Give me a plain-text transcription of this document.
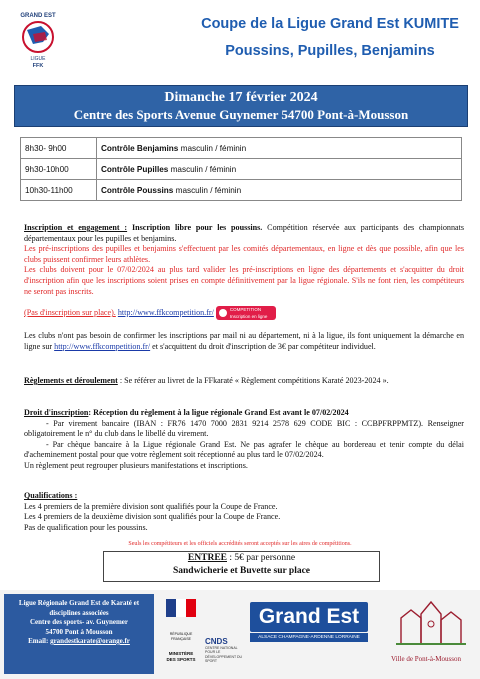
GRAND EST
LIGUE
FFK
Coupe de la Ligue Grand Est KUMITE
Poussins, Pupilles, Benjamins
Dimanche 17 février 2024
Centre des Sports Avenue Guynemer 54700 Pont-à-Mousson
8h30- 9h00	Contrôle Benjamins masculin / féminin
9h30-10h00	Contrôle Pupilles masculin / féminin
10h30-11h00	Contrôle Poussins masculin / féminin
Inscription et engagement : Inscription libre pour les poussins. Compétition réservée aux participants des championnats départementaux pour les pupilles et benjamins.
Les pré-inscriptions des pupilles et benjamins s'effectuent par les comités départementaux, en ligne et dès que possible, afin que les clubs puissent confirmer leurs athlètes.
Les clubs doivent pour le 07/02/2024 au plus tard valider les pré-inscriptions en ligne des départements et s'acquitter du droit d'inscription afin que les inscriptions soient prises en compte définitivement par la ligue régionale. S'ils ne font rien, les compétiteurs ne seront pas inscrits.
(Pas d'inscription sur place). http://www.ffkcompetition.fr/	COMPETITION
Inscription en ligne
Les clubs n'ont pas besoin de confirmer les inscriptions par mail ni au département, ni à la ligue, ils font uniquement la démarche en ligne sur http://www.ffkcompetition.fr/ et s'acquittent du droit d'inscription de 3€ par compétiteur individuel.
Règlements et déroulement : Se référer au livret de la FFkaraté « Règlement compétitions Karaté 2023-2024 ».
Droit d'inscription: Réception du règlement à la ligue régionale Grand Est avant le 07/02/2024
- Par virement bancaire (IBAN : FR76 1470 7000 2831 9214 2578 629 CODE BIC : CCBPFRPPMTZ). Renseigner obligatoirement le n° du club dans le libellé du virement.
- Par chèque bancaire à la Ligue régionale Grand Est. Ne pas agrafer le chèque au bordereau et tenir compte du délai d'acheminement postal pour que votre règlement soit réceptionné au plus tard le 07/02/2024.
Un règlement peut regrouper plusieurs manifestations et inscriptions.
Qualifications :
Les 4 premiers de la première division sont qualifiés pour la Coupe de France.
Les 4 premiers de la deuxième division sont qualifiés pour la Coupe de France.
Pas de qualification pour les poussins.
Seuls les compétiteurs et les officiels accrédités seront acceptés sur les aires de compétitions.
ENTREE : 5€ par personne
Sandwicherie et Buvette sur place
Ligue Régionale Grand Est de Karaté et disciplines associées
Centre des sports- av. Guynemer
54700 Pont à Mousson
Email: grandestkarate@orange.fr
RÉPUBLIQUE FRANÇAISE
MINISTÈRE
DES SPORTS
CNDS
CENTRE NATIONAL POUR LE DÉVELOPPEMENT DU SPORT
Grand Est
ALSACE CHAMPAGNE-ARDENNE LORRAINE
Ville de Pont-à-Mousson
